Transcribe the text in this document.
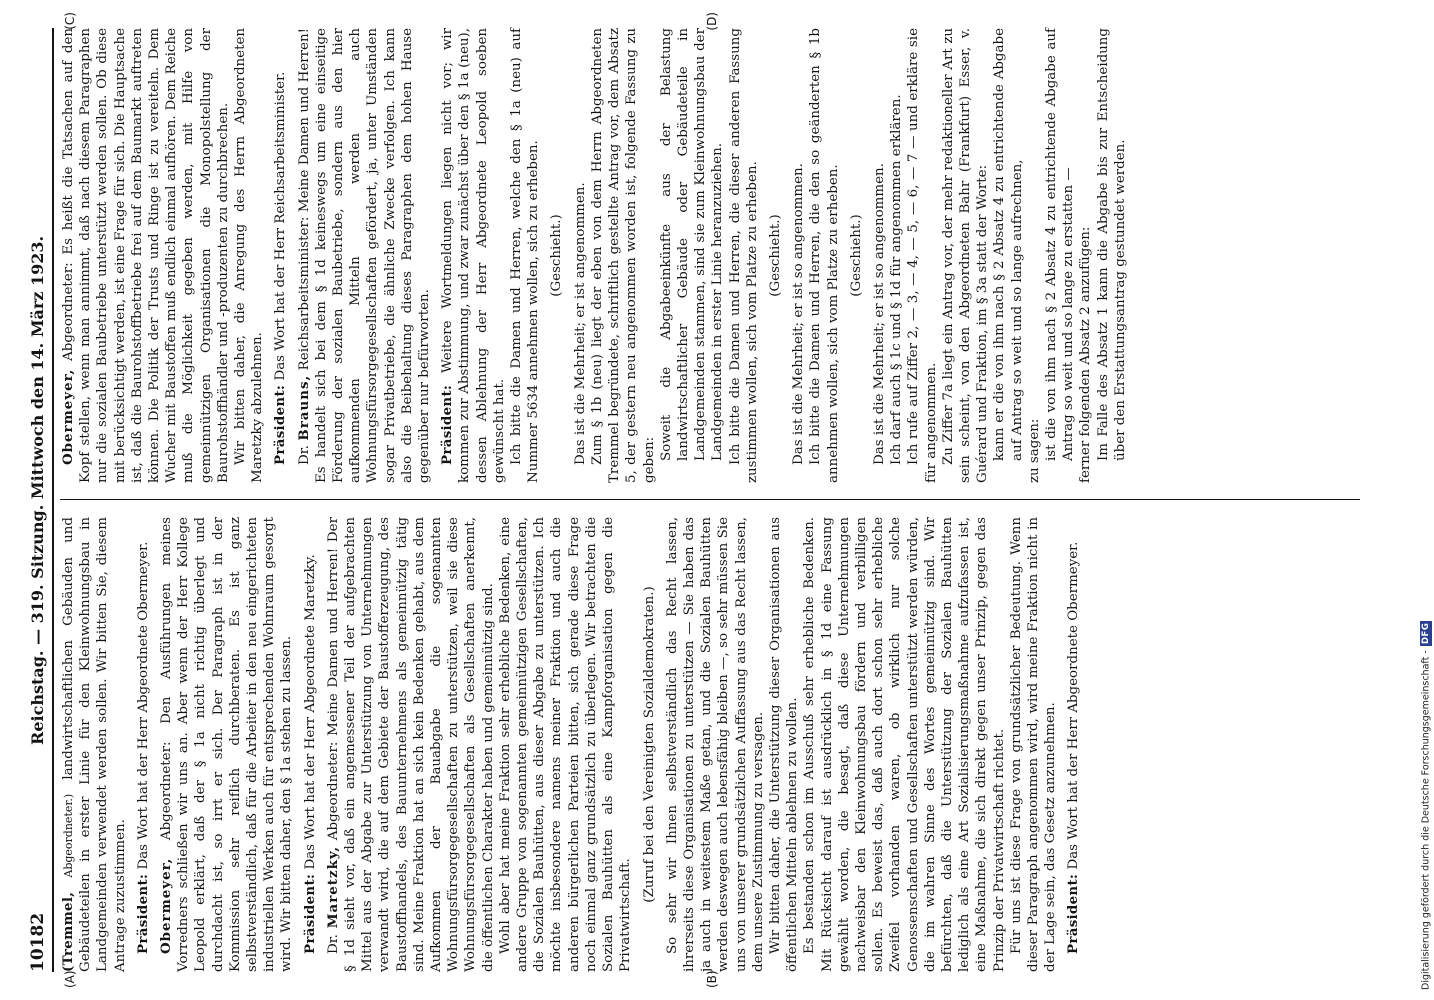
10182
Reichstag. — 319. Sitzung. Mittwoch den 14. März 1923.
(A)	(B)

(Tremmel, Abgeordneter.) landwirtschaftlichen Gebäuden und Gebäudeteilen in erster Linie für den Kleinwohnungsbau in Landgemeinden verwendet werden sollen. Wir bitten Sie, diesem Antrage zuzustimmen. Präsident: Das Wort hat der Herr Abgeordnete Obermeyer.

Obermeyer, Abgeordneter: Den Ausführungen meines Vorredners schließen wir uns an. Aber wenn der Herr Kollege Leopold erklärt, daß der § 1a nicht richtig überlegt und durchdacht ist, so irrt er sich. Der Paragraph ist in der Kommission sehr reiflich durchberaten. Es ist ganz selbstverständlich, daß für die Arbeiter in den neu eingerichteten industriellen Werken auch für entsprechenden Wohnraum gesorgt wird. Wir bitten daher, den § 1a stehen zu lassen. Präsident: Das Wort hat der Herr Abgeordnete Maretzky.

Dr. Maretzky, Abgeordneter: Meine Damen und Herren! Der § 1d sieht vor, daß ein angemessener Teil der aufgebrachten Mittel aus der Abgabe zur Unterstützung von Unternehmungen verwandt wird, die auf dem Gebiete der Baustofferzeugung, des Baustoffhandels, des Bauunternehmens als gemeinnützig tätig sind. Meine Fraktion hat an sich kein Bedenken gehabt, aus dem Aufkommen der Bauabgabe die sogenannten Wohnungsfürsorgegesellschaften zu unterstützen, weil sie diese Wohnungsfürsorgegesellschaften als Gesellschaften anerkennt, die öffentlichen Charakter haben und gemeinnützig sind. Wohl aber hat meine Fraktion sehr erhebliche Bedenken, eine andere Gruppe von sogenannten gemeinnützigen Gesellschaften, die Sozialen Bauhütten, aus dieser Abgabe zu unterstützen. Ich möchte insbesondere namens meiner Fraktion und auch die anderen bürgerlichen Parteien bitten, sich gerade diese Frage noch einmal ganz grundsätzlich zu überlegen. Wir betrachten die Sozialen Bauhütten als eine Kampforganisation gegen die Privatwirtschaft.

(Zuruf bei den Vereinigten Sozialdemokraten.) So sehr wir Ihnen selbstverständlich das Recht lassen, ihrerseits diese Organisationen zu unterstützen — Sie haben das ja auch in weitestem Maße getan, und die Sozialen Bauhütten werden deswegen auch lebensfähig bleiben —, so sehr müssen Sie uns von unserer grundsätzlichen Auffassung aus das Recht lassen, dem unsere Zustimmung zu versagen. Wir bitten daher, die Unterstützung dieser Organisationen aus öffentlichen Mitteln ablehnen zu wollen. Es bestanden schon im Ausschuß sehr erhebliche Bedenken. Mit Rücksicht darauf ist ausdrücklich in § 1d eine Fassung gewählt worden, die besagt, daß diese Unternehmungen nachweisbar den Kleinwohnungsbau fördern und verbilligen sollen. Es beweist das, daß auch dort schon sehr erhebliche Zweifel vorhanden waren, ob wirklich nur solche Genossenschaften und Gesellschaften unterstützt werden würden, die im wahren Sinne des Wortes gemeinnützig sind. Wir befürchten, daß die Unterstützung der Sozialen Bauhütten lediglich als eine Art Sozialisierungsmaßnahme aufzufassen ist, eine Maßnahme, die sich direkt gegen unser Prinzip, gegen das Prinzip der Privatwirtschaft richtet. Für uns ist diese Frage von grundsätzlicher Bedeutung. Wenn dieser Paragraph angenommen wird, wird meine Fraktion nicht in der Lage sein, das Gesetz anzunehmen. Präsident: Das Wort hat der Herr Abgeordnete Obermeyer.

(C)	(D)

Obermeyer, Abgeordneter: Es heißt die Tatsachen auf den Kopf stellen, wenn man annimmt, daß nach diesem Paragraphen nur die sozialen Baubetriebe unterstützt werden sollen. Ob diese mit berücksichtigt werden, ist eine Frage für sich. Die Hauptsache ist, daß die Baurohstoffbetriebe frei auf dem Baumarkt auftreten können. Die Politik der Trusts und Ringe ist zu vereiteln. Dem Wucher mit Baustoffen muß endlich einmal aufhören. Dem Reiche muß die Möglichkeit gegeben werden, mit Hilfe von gemeinnützigen Organisationen die Monopolstellung der Baurohstoffhändler und -produzenten zu durchbrechen. Wir bitten daher, die Anregung des Herrn Abgeordneten Maretzky abzulehnen. Präsident: Das Wort hat der Herr Reichsarbeitsminister.

Dr. Brauns, Reichsarbeitsminister: Meine Damen und Herren! Es handelt sich bei dem § 1d keineswegs um eine einseitige Förderung der sozialen Baubetriebe, sondern aus den hier aufkommenden Mitteln werden auch Wohnungsfürsorgegesellschaften gefördert, ja, unter Umständen sogar Privatbetriebe, die ähnliche Zwecke verfolgen. Ich kann also die Beibehaltung dieses Paragraphen dem hohen Hause gegenüber nur befürworten. Präsident: Weitere Wortmeldungen liegen nicht vor; wir kommen zur Abstimmung, und zwar zunächst über den § 1a (neu), dessen Ablehnung der Herr Abgeordnete Leopold soeben gewünscht hat. Ich bitte die Damen und Herren, welche den § 1a (neu) auf Nummer 5634 annehmen wollen, sich zu erheben. (Geschieht.) Das ist die Mehrheit; er ist angenommen. Zum § 1b (neu) liegt der eben von dem Herrn Abgeordneten Tremmel begründete, schriftlich gestellte Antrag vor, dem Absatz 5, der gestern neu angenommen worden ist, folgende Fassung zu geben: Soweit die Abgabeeinkünfte aus der Belastung landwirtschaftlicher Gebäude oder Gebäudeteile in Landgemeinden stammen, sind sie zum Kleinwohnungsbau der Landgemeinden in erster Linie heranzuziehen. Ich bitte die Damen und Herren, die dieser anderen Fassung zustimmen wollen, sich vom Platze zu erheben. (Geschieht.) Das ist die Mehrheit; er ist so angenommen. Ich bitte die Damen und Herren, die den so geänderten § 1b annehmen wollen, sich vom Platze zu erheben. (Geschieht.) Das ist die Mehrheit; er ist so angenommen. Ich darf auch § 1c und § 1d für angenommen erklären. Ich rufe auf Ziffer 2, — 3, — 4, — 5, — 6, — 7 — und erkläre sie für angenommen. Zu Ziffer 7a liegt ein Antrag vor, der mehr redaktioneller Art zu sein scheint, von den Abgeordneten Bahr (Frankfurt) Esser, v. Guérard und Fraktion, im § 3a statt der Worte: kann er die von ihm nach § 2 Absatz 4 zu entrichtende Abgabe auf Antrag so weit und so lange aufrechnen, zu sagen: ist die von ihm nach § 2 Absatz 4 zu entrichtende Abgabe auf Antrag so weit und so lange zu erstatten — ferner folgenden Absatz 2 anzufügen: Im Falle des Absatz 1 kann die Abgabe bis zur Entscheidung über den Erstattungsantrag gestundet werden.

Digitalisierung gefördert durch die Deutsche Forschungsgemeinschaft -
DFG
